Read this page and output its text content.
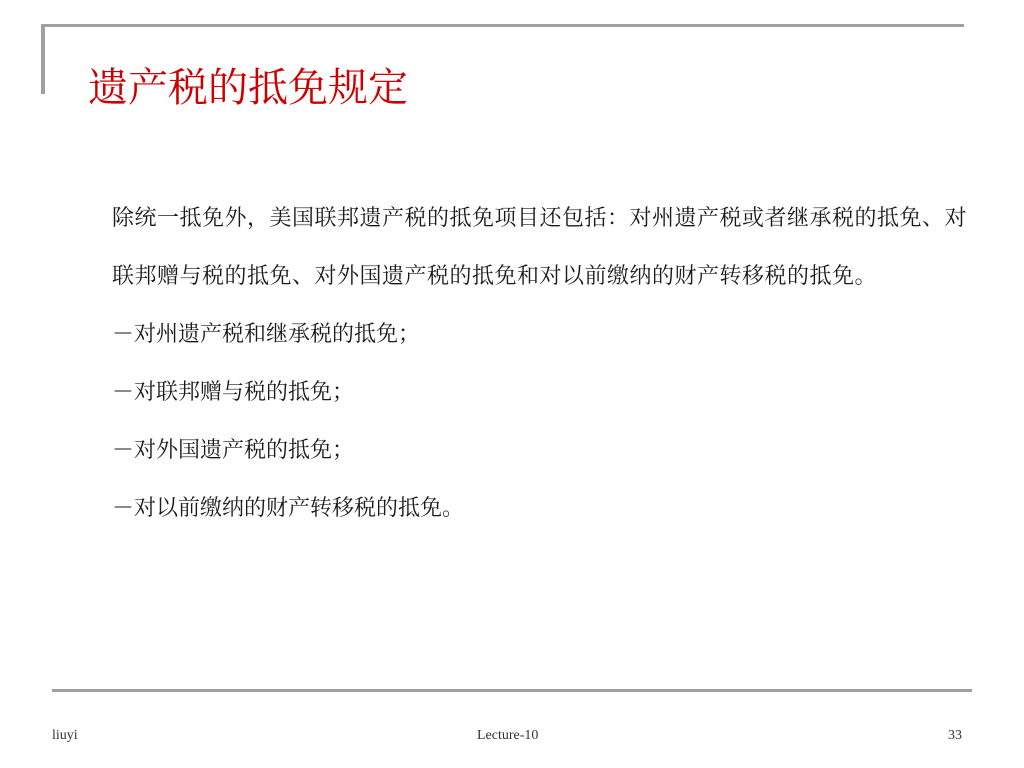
遗产税的抵免规定

除统一抵免外，美国联邦遗产税的抵免项目还包括：对州遗产税或者继承税的抵免、对联邦赠与税的抵免、对外国遗产税的抵免和对以前缴纳的财产转移税的抵免。

－对州遗产税和继承税的抵免；

－对联邦赠与税的抵免；

－对外国遗产税的抵免；

－对以前缴纳的财产转移税的抵免。

liuyi	Lecture-10	33
